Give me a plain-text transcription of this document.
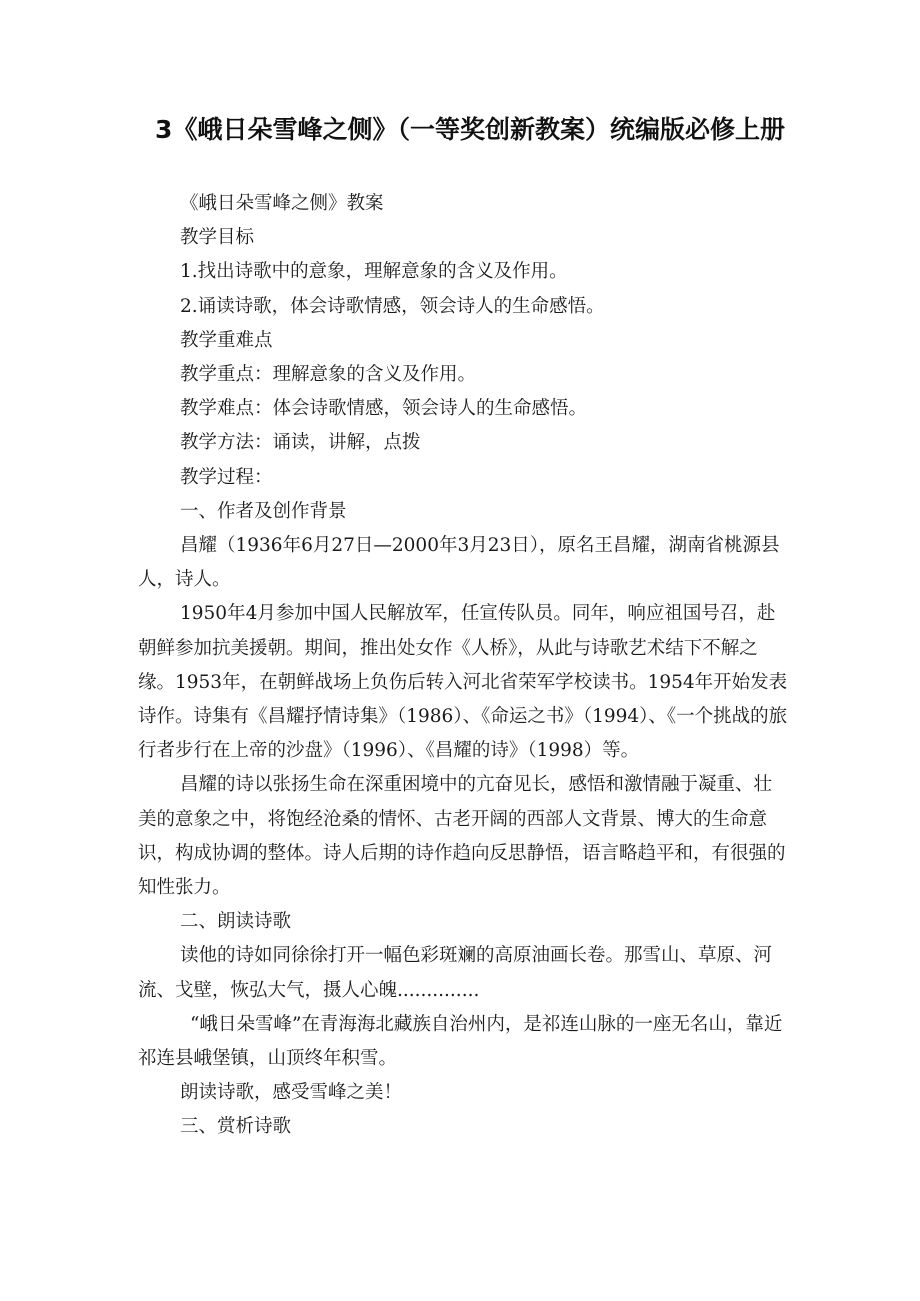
3《峨日朵雪峰之侧》（一等奖创新教案）统编版必修上册

《峨日朵雪峰之侧》教案

教学目标

1.找出诗歌中的意象，理解意象的含义及作用。

2.诵读诗歌，体会诗歌情感，领会诗人的生命感悟。

教学重难点

教学重点：理解意象的含义及作用。

教学难点：体会诗歌情感，领会诗人的生命感悟。

教学方法：诵读，讲解，点拨

教学过程：

一、作者及创作背景

昌耀（1936年6月27日—2000年3月23日），原名王昌耀，湖南省桃源县人，诗人。

1950年4月参加中国人民解放军，任宣传队员。同年，响应祖国号召，赴朝鲜参加抗美援朝。期间，推出处女作《人桥》，从此与诗歌艺术结下不解之缘。1953年，在朝鲜战场上负伤后转入河北省荣军学校读书。1954年开始发表诗作。诗集有《昌耀抒情诗集》（1986）、《命运之书》（1994）、《一个挑战的旅行者步行在上帝的沙盘》（1996）、《昌耀的诗》（1998）等。

昌耀的诗以张扬生命在深重困境中的亢奋见长，感悟和激情融于凝重、壮美的意象之中，将饱经沧桑的情怀、古老开阔的西部人文背景、博大的生命意识，构成协调的整体。诗人后期的诗作趋向反思静悟，语言略趋平和，有很强的知性张力。

二、朗读诗歌

读他的诗如同徐徐打开一幅色彩斑斓的高原油画长卷。那雪山、草原、河流、戈壁，恢弘大气，摄人心魄..............

“峨日朵雪峰”在青海海北藏族自治州内，是祁连山脉的一座无名山，靠近祁连县峨堡镇，山顶终年积雪。

朗读诗歌，感受雪峰之美！

三、赏析诗歌
